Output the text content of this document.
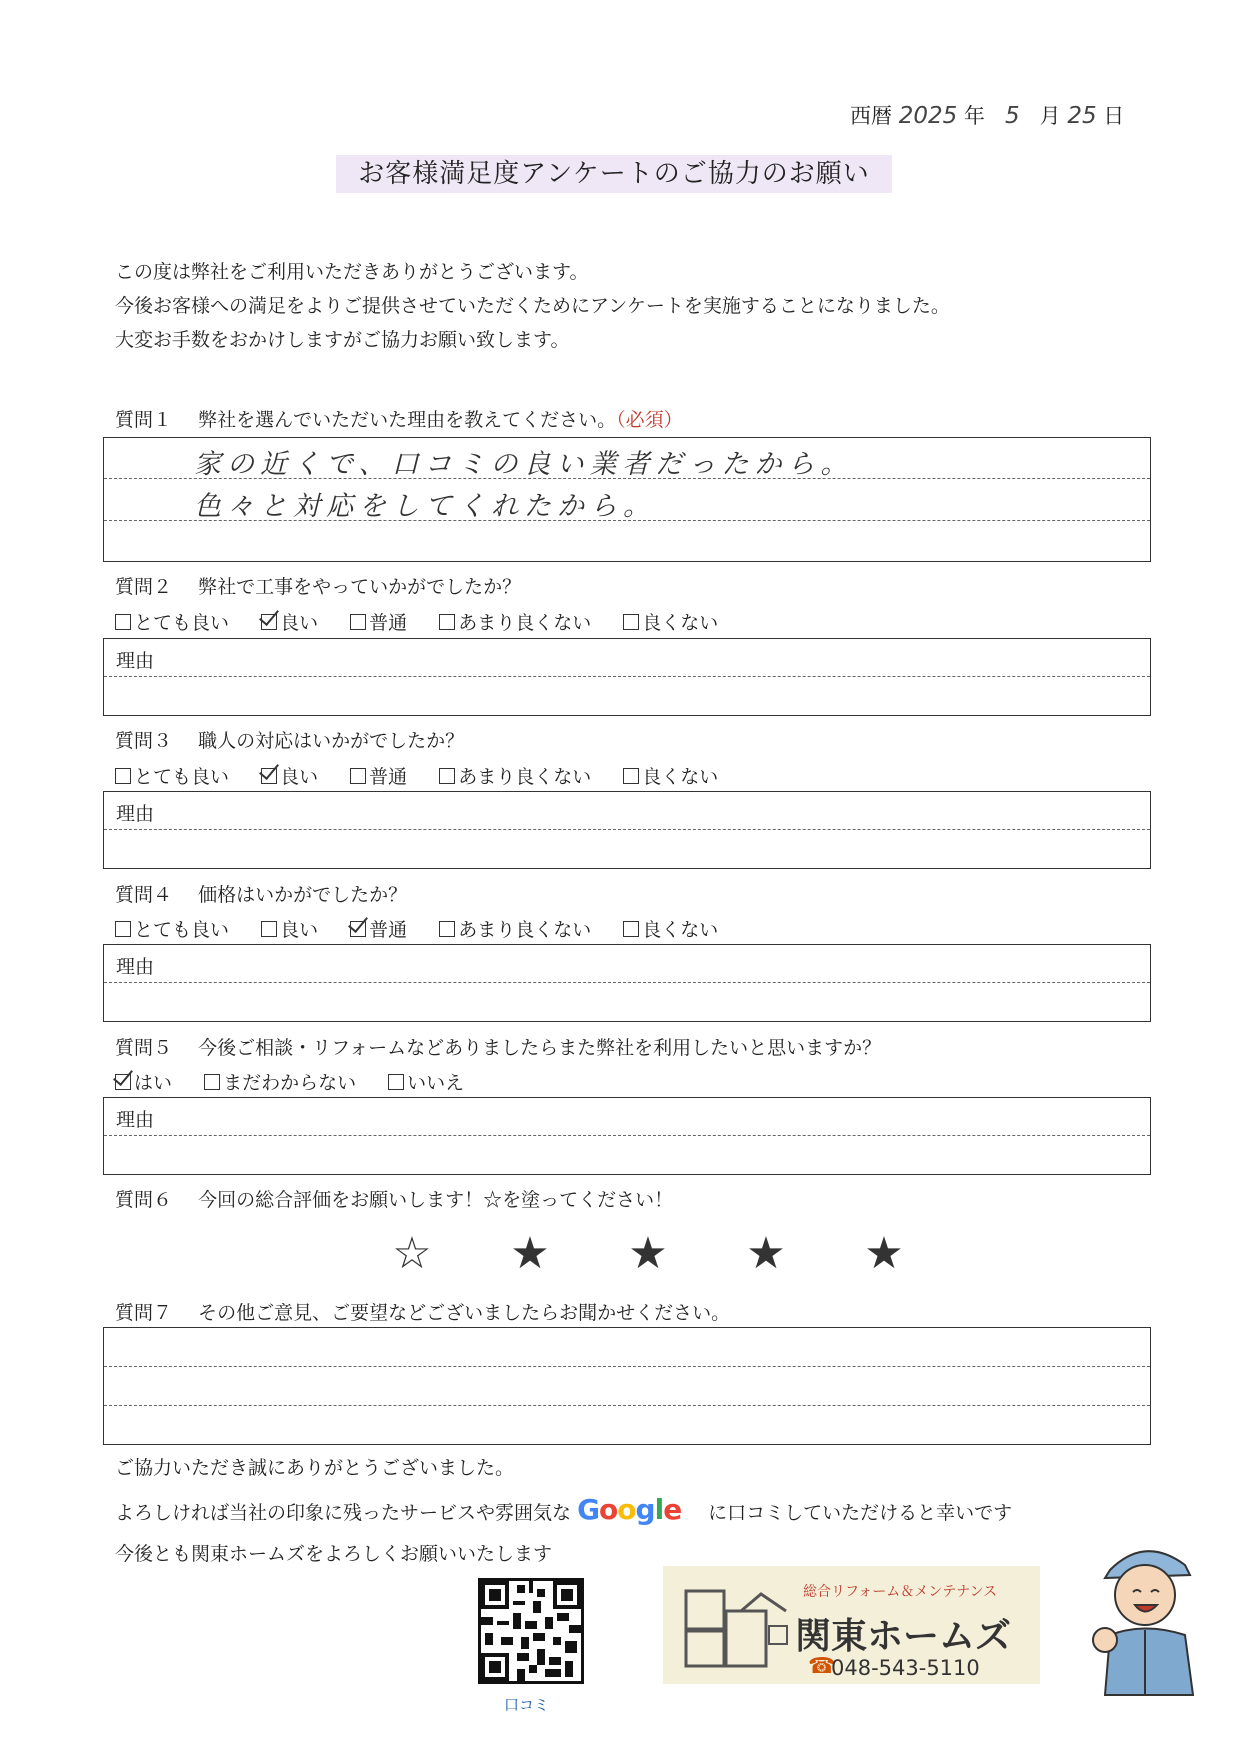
西暦 2025 年 5 月 25 日
お客様満足度アンケートのご協力のお願い
この度は弊社をご利用いただきありがとうございます。
今後お客様への満足をよりご提供させていただくためにアンケートを実施することになりました。
大変お手数をおかけしますがご協力お願い致します。
質問１ 弊社を選んでいただいた理由を教えてください。（必須）
家の近くで、口コミの良い業者だったから。
色々と対応をしてくれたから。
質問２ 弊社で工事をやっていかがでしたか？
とても良い	良い	普通	あまり良くない	良くない
理由
質問３ 職人の対応はいかがでしたか？
とても良い	良い	普通	あまり良くない	良くない
理由
質問４ 価格はいかがでしたか？
とても良い	良い	普通	あまり良くない	良くない
理由
質問５ 今後ご相談・リフォームなどありましたらまた弊社を利用したいと思いますか？
はい	まだわからない	いいえ
理由
質問６ 今回の総合評価をお願いします！☆を塗ってください！
☆ ★ ★ ★ ★
質問７ その他ご意見、ご要望などございましたらお聞かせください。
ご協力いただき誠にありがとうございました。
よろしければ当社の印象に残ったサービスや雰囲気な Google に口コミしていただけると幸いです
今後とも関東ホームズをよろしくお願いいたします
口コミ
総合リフォーム＆メンテナンス
関東ホームズ
☎
048-543-5110
